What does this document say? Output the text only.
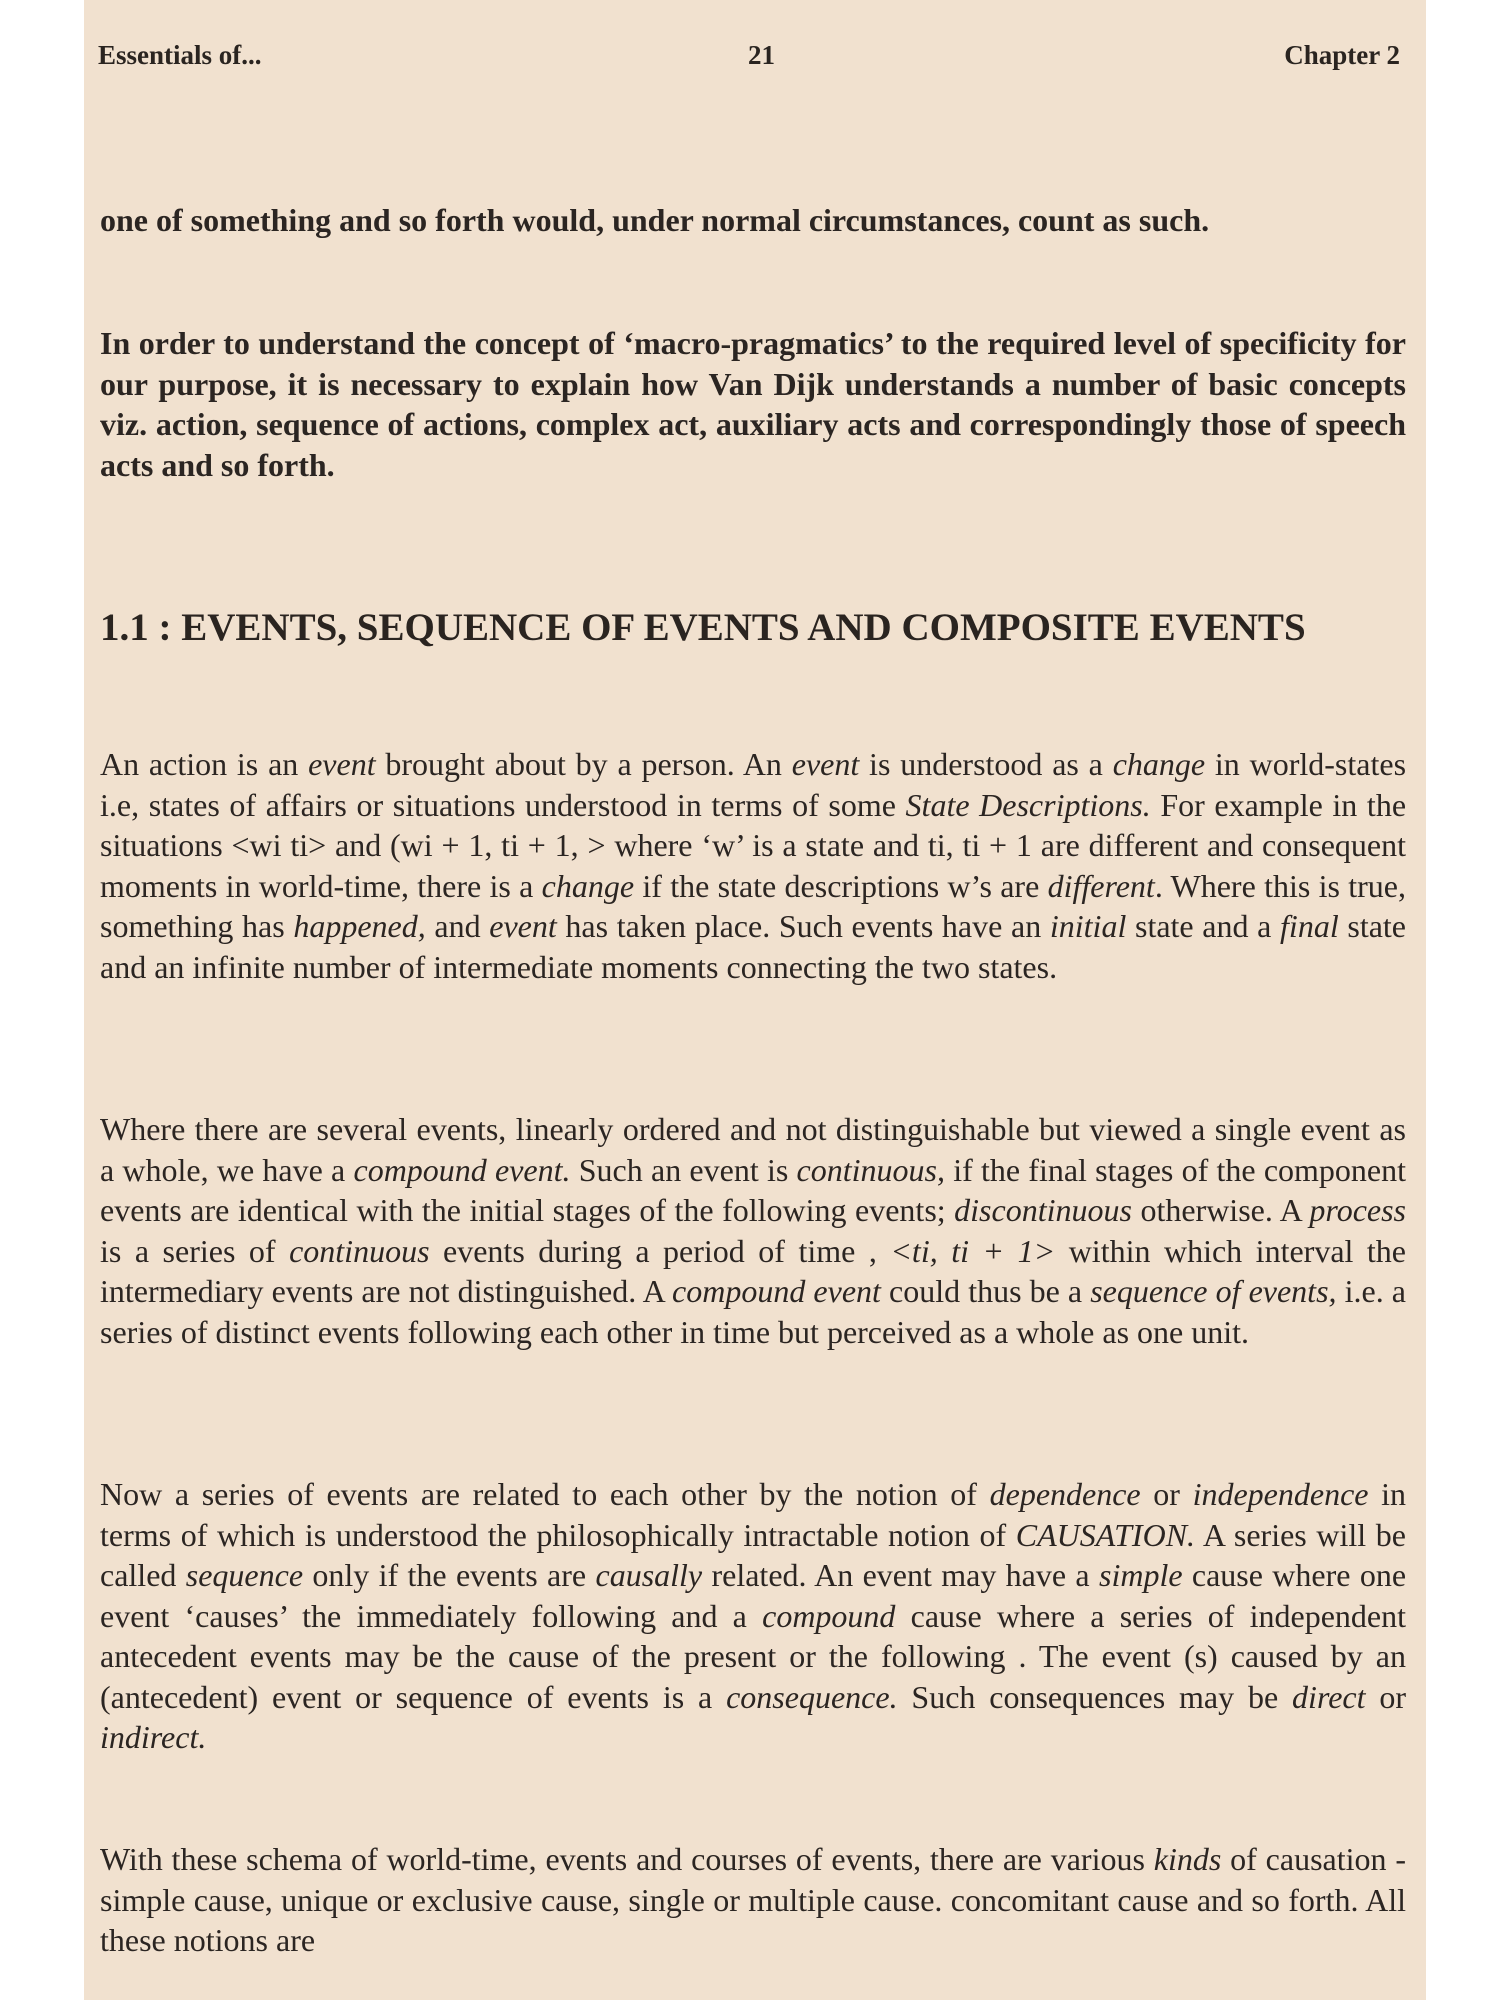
Essentials of...	21	Chapter 2

one of something and so forth would, under normal circumstances, count as such.

In order to understand the concept of ‘macro-pragmatics’ to the required level of specificity for our purpose, it is necessary to explain how Van Dijk understands a number of basic concepts viz. action, sequence of actions, complex act, auxiliary acts and correspondingly those of speech acts and so forth.

1.1 : EVENTS, SEQUENCE OF EVENTS AND COMPOSITE EVENTS

An action is an event brought about by a person. An event is understood as a change in world-states i.e, states of affairs or situations understood in terms of some State Descriptions. For example in the situations <wi ti> and (wi + 1, ti + 1, > where ‘w’ is a state and ti, ti + 1 are different and consequent moments in world-time, there is a change if the state descriptions w’s are different. Where this is true, something has happened, and event has taken place. Such events have an initial state and a final state and an infinite number of intermediate moments connecting the two states.

Where there are several events, linearly ordered and not distinguishable but viewed a single event as a whole, we have a compound event. Such an event is continuous, if the final stages of the component events are identical with the initial stages of the following events; discontinuous otherwise. A process is a series of continuous events during a period of time , <ti, ti + 1> within which interval the intermediary events are not distinguished. A compound event could thus be a sequence of events, i.e. a series of distinct events following each other in time but perceived as a whole as one unit.

Now a series of events are related to each other by the notion of dependence or independence in terms of which is understood the philosophically intractable notion of CAUSATION. A series will be called sequence only if the events are causally related. An event may have a simple cause where one event ‘causes’ the immediately following and a compound cause where a series of independent antecedent events may be the cause of the present or the following . The event (s) caused by an (antecedent) event or sequence of events is a consequence. Such consequences may be direct or indirect.

With these schema of world-time, events and courses of events, there are various kinds of causation - simple cause, unique or exclusive cause, single or multiple cause. concomitant cause and so forth. All these notions are
